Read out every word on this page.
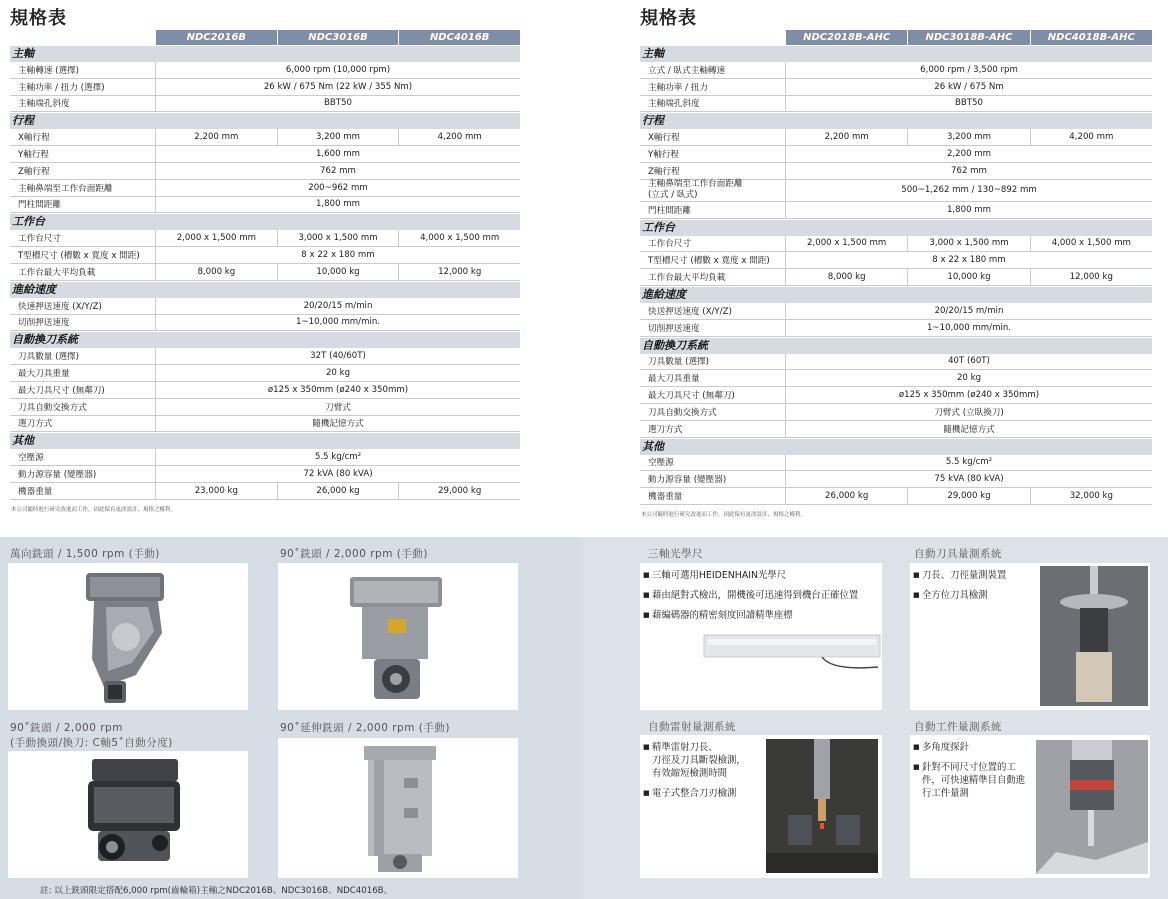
規格表
NDC2016B	NDC3016B	NDC4016B
主軸
主軸轉速 (選擇)	6,000 rpm (10,000 rpm)
主軸功率 / 扭力 (選擇)	26 kW / 675 Nm (22 kW / 355 Nm)
主軸端孔斜度	BBT50
行程
X軸行程	2,200 mm	3,200 mm	4,200 mm
Y軸行程	1,600 mm
Z軸行程	762 mm
主軸鼻端至工作台面距離	200~962 mm
門柱間距離	1,800 mm
工作台
工作台尺寸	2,000 x 1,500 mm	3,000 x 1,500 mm	4,000 x 1,500 mm
T型槽尺寸 (槽數 x 寬度 x 間距)	8 x 22 x 180 mm
工作台最大平均負載	8,000 kg	10,000 kg	12,000 kg
進給速度
快速押送速度 (X/Y/Z)	20/20/15 m/min
切削押送速度	1~10,000 mm/min.
自動換刀系統
刀具數量 (選擇)	32T (40/60T)
最大刀具重量	20 kg
最大刀具尺寸 (無鄰刀)	ø125 x 350mm (ø240 x 350mm)
刀具自動交換方式	刀臂式
選刀方式	隨機記憶方式
其他
空壓源	5.5 kg/cm²
動力源容量 (變壓器)	72 kVA (80 kVA)
機器重量	23,000 kg	26,000 kg	29,000 kg
本公司隨時進行研究改進而工作，因此保有更改設計、規格之權利。
規格表
NDC2018B-AHC	NDC3018B-AHC	NDC4018B-AHC
主軸
立式 / 臥式主軸轉速	6,000 rpm / 3,500 rpm
主軸功率 / 扭力	26 kW / 675 Nm
主軸端孔斜度	BBT50
行程
X軸行程	2,200 mm	3,200 mm	4,200 mm
Y軸行程	2,200 mm
Z軸行程	762 mm
主軸鼻端至工作台面距離
(立式 / 臥式)	500~1,262 mm / 130~892 mm
門柱間距離	1,800 mm
工作台
工作台尺寸	2,000 x 1,500 mm	3,000 x 1,500 mm	4,000 x 1,500 mm
T型槽尺寸 (槽數 x 寬度 x 間距)	8 x 22 x 180 mm
工作台最大平均負載	8,000 kg	10,000 kg	12,000 kg
進給速度
快送押送速度 (X/Y/Z)	20/20/15 m/min
切削押送速度	1~10,000 mm/min.
自動換刀系統
刀具數量 (選擇)	40T (60T)
最大刀具重量	20 kg
最大刀具尺寸 (無鄰刀)	ø125 x 350mm (ø240 x 350mm)
刀具自動交換方式	刀臂式 (立臥換刀)
選刀方式	隨機記憶方式
其他
空壓源	5.5 kg/cm²
動力源容量 (變壓器)	75 kVA (80 kVA)
機器重量	26,000 kg	29,000 kg	32,000 kg
本公司隨時進行研究改進而工作，因此保有更改設計、規格之權利。
萬向銑頭 / 1,500 rpm (手動)	90˚銑頭 / 2,000 rpm (手動)
90˚銑頭 / 2,000 rpm
(手動換頭/換刀: C軸5˚自動分度)
90˚延伸銑頭 / 2,000 rpm (手動)
註: 以上銑頭限定搭配6,000 rpm(齒輪箱)主軸之NDC2016B、NDC3016B、NDC4016B。
三軸光學尺
■ 三軸可選用HEIDENHAIN光學尺
■ 藉由絕對式檢出，開機後可迅速得到機台正確位置
■ 藉編碼器的精密刻度回讀精準座標
自動刀具量測系統
■ 刀長、刀徑量測裝置
■ 全方位刀具檢測
自動雷射量測系統
■ 精準雷射刀長、
刀徑及刀具斷裂檢測，
有效縮短檢測時間
■ 電子式整合刀刃檢測
自動工件量測系統
■ 多角度探針
■ 針對不同尺寸位置的工
件，可快速精準目自動進
行工件量測
